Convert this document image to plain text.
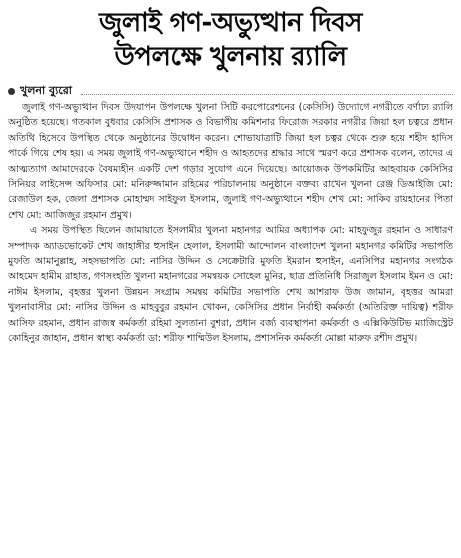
জুলাই গণ-অভ্যুত্থান দিবস
উপলক্ষে খুলনায় র‌্যালি
খুলনা ব্যুরো

জুলাই গণ-অভ্যুত্থান দিবস উদযাপন উপলক্ষে খুলনা সিটি করপোরেশনের (কেসিসি) উদ্যোগে নগরীতে বর্ণাঢ্য র‌্যালি অনুষ্ঠিত হয়েছে। গতকাল বুধবার কেসিসি প্রশাসক ও বিভাগীয় কমিশনার ফিরোজ সরকার নগরীর জিয়া হল চত্বরে প্রধান অতিথি হিসেবে উপস্থিত থেকে অনুষ্ঠানের উদ্বোধন করেন। শোভাযাত্রাটি জিয়া হল চত্বর থেকে শুরু হয়ে শহীদ হাদিস পার্কে গিয়ে শেষ হয়। এ সময় জুলাই গণ-অভ্যুত্থানে শহীদ ও আহতদের শ্রদ্ধার সাথে স্মরণ করে প্রশাসক বলেন, তাদের এ আত্মত্যাগ আমাদেরকে বৈষম্যহীন একটি দেশ গড়ার সুযোগ এনে দিয়েছে। আয়োজক উপকমিটির আহবায়ক কেসিসির সিনিয়র লাইসেন্স অফিসার মো: মনিরুজ্জামান রহিমের পরিচালনায় অনুষ্ঠানে বক্তব্য রাখেন খুলনা রেঞ্জ ডিআইজি মো: রেজাউল হক, জেলা প্রশাসক মোহাম্মদ সাইফুল ইসলাম, জুলাই গণ-অভ্যুত্থানে শহীদ শেখ মো: সাকিব রায়হানের পিতা শেখ মো: আজিজুর রহমান প্রমুখ।

এ সময় উপস্থিত ছিলেন জামায়াতে ইসলামীর খুলনা মহানগর আমির অধ্যাপক মো: মাহফুজুর রহমান ও সাধারণ সম্পাদক অ্যাডভোকেট শেখ জাহাঙ্গীর হুসাইন হেলাল, ইসলামী আন্দোলন বাংলাদেশ খুলনা মহানগর কমিটির সভাপতি মুফতি আমানুল্লাহ, সহসভাপতি মো: নাসির উদ্দিন ও সেক্রেটারি মুফতি ইমরান হুসাইন, এনসিপির মহানগর সংগঠক আহমেদ হামীম রাহাত, গণসংহতি খুলনা মহানগরের সমন্বয়ক সোহেল মুনির, ছাত্র প্রতিনিধি সিরাজুল ইসলাম ইমন ও মো: নাঈম ইসলাম, বৃহত্তর খুলনা উন্নয়ন সংগ্রাম সমন্বয় কমিটির সভাপতি শেখ আশরাফ উজ জামান, বৃহত্তর আমরা খুলনাবাসীর মো: নাসির উদ্দিন ও মাহবুবুর রহমান খোকন, কেসিসির প্রধান নির্বাহী কর্মকর্তা (অতিরিক্ত দায়িত্ব) শরীফ আসিফ রহমান, প্রধান রাজস্ব কর্মকর্তা রহিমা সুলতানা বুশরা, প্রধান বর্জ্য ব্যবস্থাপনা কর্মকর্তা ও এক্সিকিউটিভ ম্যাজিস্ট্রেট কোহিনুর জাহান, প্রধান স্বাস্থ্য কর্মকর্তা ডা: শরীফ শাম্মিউল ইসলাম, প্রশাসনিক কর্মকর্তা মোল্লা মারুফ রশীদ প্রমুখ।
